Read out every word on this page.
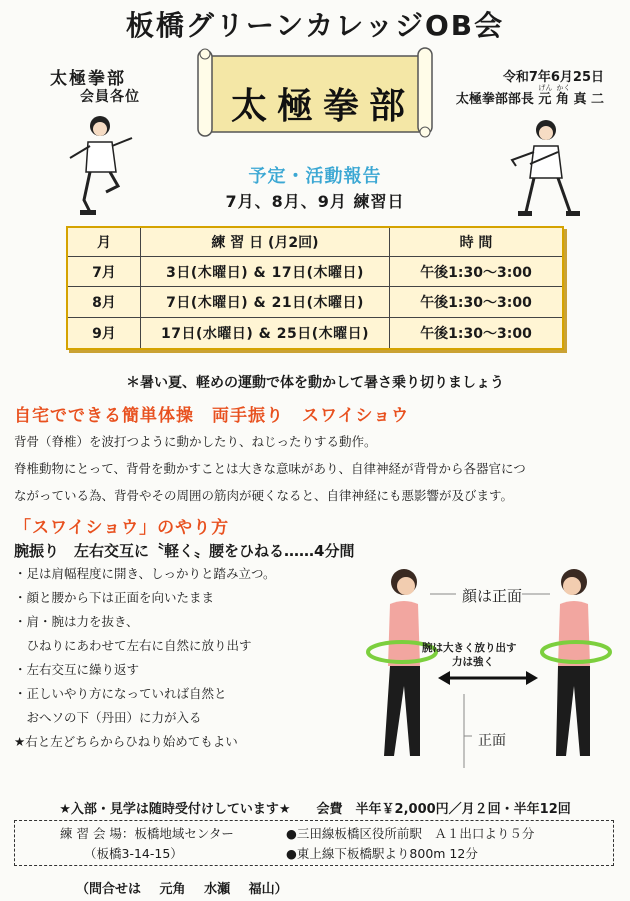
板橋グリーンカレッジOB会
太極拳部
会員各位
令和7年6月25日
太極拳部部長
げん かく
元 角 真 二
太極拳部
予定・活動報告
7月、8月、9月 練習日
月	練 習 日 (月2回)	時 間
7月	3日(木曜日) & 17日(木曜日)	午後1:30～3:00
8月	7日(木曜日) & 21日(木曜日)	午後1:30～3:00
9月	17日(水曜日) & 25日(木曜日)	午後1:30～3:00
＊暑い夏、軽めの運動で体を動かして暑さ乗り切りましょう
自宅でできる簡単体操　両手振り　スワイショウ
背骨（脊椎）を波打つように動かしたり、ねじったりする動作。
脊椎動物にとって、背骨を動かすことは大きな意味があり、自律神経が背骨から各器官につ
ながっている為、背骨やその周囲の筋肉が硬くなると、自律神経にも悪影響が及びます。
「スワイショウ」のやり方
腕振り　左右交互に〝軽く〟腰をひねる……4分間
・足は肩幅程度に開き、しっかりと踏み立つ。
・顔と腰から下は正面を向いたまま
・肩・腕は力を抜き、
　ひねりにあわせて左右に自然に放り出す
・左右交互に繰り返す
・正しいやり方になっていれば自然と
　おへソの下（丹田）に力が入る
★右と左どちらからひねり始めてもよい
顔は正面
腕は大きく放り出す
力は強く
正面
★入部・見学は随時受付けしています★　　会費　半年￥2,000円／月２回・半年12回
練 習 会 場：板橋地域センター	●三田線板橋区役所前駅　Ａ１出口より５分
（板橋3-14-15）	●東上線下板橋駅より800m 12分
（問合せは 元角 水瀬 福山）
